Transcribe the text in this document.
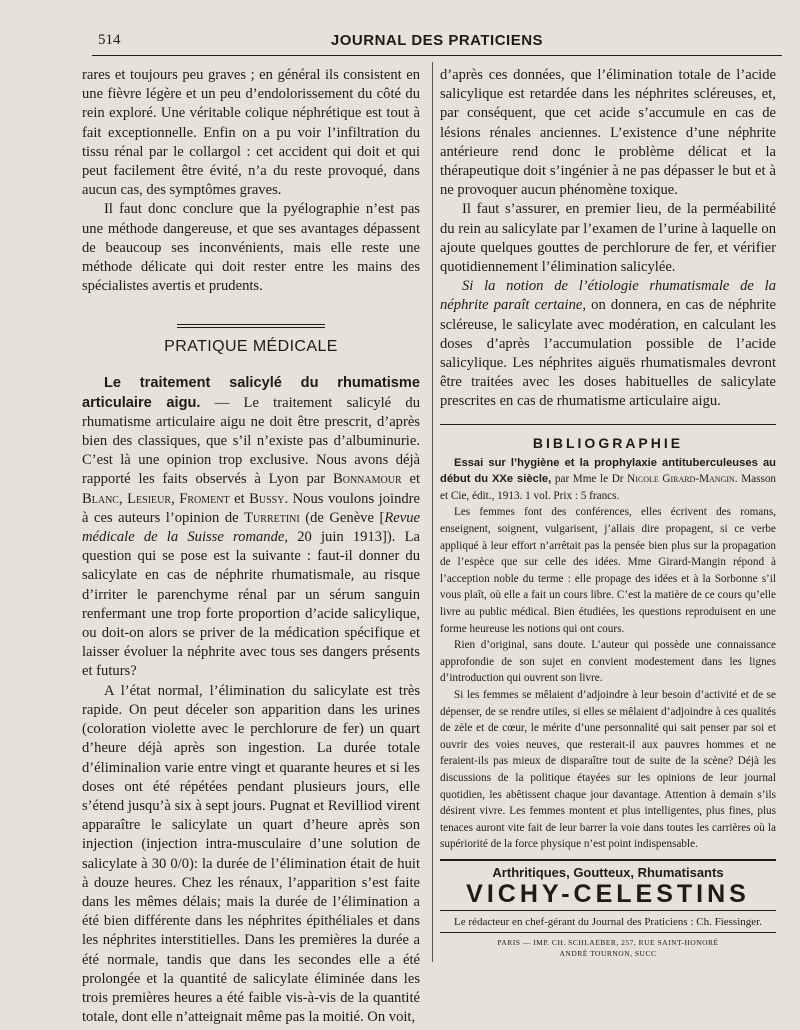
514	JOURNAL DES PRATICIENS

rares et toujours peu graves ; en général ils consistent en une fièvre légère et un peu d’endolorissement du côté du rein exploré. Une véritable colique néphrétique est tout à fait exceptionnelle. Enfin on a pu voir l’infiltration du tissu rénal par le collargol : cet accident qui doit et qui peut facilement être évité, n’a du reste provoqué, dans aucun cas, des symptômes graves.

Il faut donc conclure que la pyélographie n’est pas une méthode dangereuse, et que ses avantages dépassent de beaucoup ses inconvénients, mais elle reste une méthode délicate qui doit rester entre les mains des spécialistes avertis et prudents.

PRATIQUE MÉDICALE

Le traitement salicylé du rhumatisme articulaire aigu. — Le traitement salicylé du rhumatisme articulaire aigu ne doit être prescrit, d’après bien des classiques, que s’il n’existe pas d’albuminurie. C’est là une opinion trop exclusive. Nous avons déjà rapporté les faits observés à Lyon par Bonnamour et Blanc, Lesieur, Froment et Bussy. Nous voulons joindre à ces auteurs l’opinion de Turretini (de Genève [Revue médicale de la Suisse romande, 20 juin 1913]). La question qui se pose est la suivante : faut-il donner du salicylate en cas de néphrite rhumatismale, au risque d’irriter le parenchyme rénal par un sérum sanguin renfermant une trop forte proportion d’acide salicylique, ou doit-on alors se priver de la médication spécifique et laisser évoluer la néphrite avec tous ses dangers présents et futurs?

A l’état normal, l’élimination du salicylate est très rapide. On peut déceler son apparition dans les urines (coloration violette avec le perchlorure de fer) un quart d’heure déjà après son ingestion. La durée totale d’éliminalion varie entre vingt et quarante heures et si les doses ont été répétées pendant plusieurs jours, elle s’étend jusqu’à six à sept jours. Pugnat et Revilliod virent apparaître le salicylate un quart d’heure après son injection (injection intra-musculaire d’une solution de salicylate à 30 0/0): la durée de l’élimination était de huit à douze heures. Chez les rénaux, l’apparition s’est faite dans les mêmes délais; mais la durée de l’élimination a été bien différente dans les néphrites épithéliales et dans les néphrites interstitielles. Dans les premières la durée a été normale, tandis que dans les secondes elle a été prolongée et la quantité de salicylate éliminée dans les trois premières heures a été faible vis-à-vis de la quantité totale, dont elle n’atteignait même pas la moitié. On voit,

d’après ces données, que l’élimination totale de l’acide salicylique est retardée dans les néphrites scléreuses, et, par conséquent, que cet acide s’accumule en cas de lésions rénales anciennes. L’existence d’une néphrite antérieure rend donc le problème délicat et la thérapeutique doit s’ingénier à ne pas dépasser le but et à ne provoquer aucun phénomène toxique.

Il faut s’assurer, en premier lieu, de la perméabilité du rein au salicylate par l’examen de l’urine à laquelle on ajoute quelques gouttes de perchlorure de fer, et vérifier quotidiennement l’élimination salicylée.

Si la notion de l’étiologie rhumatismale de la néphrite paraît certaine, on donnera, en cas de néphrite scléreuse, le salicylate avec modération, en calculant les doses d’après l’accumulation possible de l’acide salicylique. Les néphrites aiguës rhumatismales devront être traitées avec les doses habituelles de salicylate prescrites en cas de rhumatisme articulaire aigu.

BIBLIOGRAPHIE

Essai sur l’hygiène et la prophylaxie antituberculeuses au début du XXe siècle, par Mme le Dr Nicole Girard-Mangin. Masson et Cie, édit., 1913. 1 vol. Prix : 5 francs.

Les femmes font des conférences, elles écrivent des romans, enseignent, soignent, vulgarisent, j’allais dire propagent, si ce verbe appliqué à leur effort n’arrêtait pas la pensée bien plus sur la propagation de l’espèce que sur celle des idées. Mme Girard-Mangin répond à l’acception noble du terme : elle propage des idées et à la Sorbonne s’il vous plaît, où elle a fait un cours libre. C’est la matière de ce cours qu’elle livre au public médical. Bien étudiées, les questions reproduisent en une forme heureuse les notions qui ont cours.

Rien d’original, sans doute. L’auteur qui possède une connaissance approfondie de son sujet en convient modestement dans les lignes d’introduction qui ouvrent son livre.

Si les femmes se mêlaient d’adjoindre à leur besoin d’activité et de se dépenser, de se rendre utiles, si elles se mêlaient d’adjoindre à ces qualités de zèle et de cœur, le mérite d’une personnalité qui sait penser par soi et ouvrir des voies neuves, que resterait-il aux pauvres hommes et ne feraient-ils pas mieux de disparaître tout de suite de la scène? Déjà les discussions de la politique étayées sur les opinions de leur journal quotidien, les abêtissent chaque jour davantage. Attention à demain s’ils désirent vivre. Les femmes montent et plus intelligentes, plus fines, plus tenaces auront vite fait de leur barrer la voie dans toutes les carrières où la supériorité de la force physique n’est point indispensable.

Arthritiques, Goutteux, Rhumatisants
VICHY-CELESTINS
Le rédacteur en chef-gérant du Journal des Praticiens : Ch. Fiessinger.
PARIS — IMP. CH. SCHLAEBER, 257, RUE SAINT-HONORÉ
ANDRÉ TOURNON, SUCC
